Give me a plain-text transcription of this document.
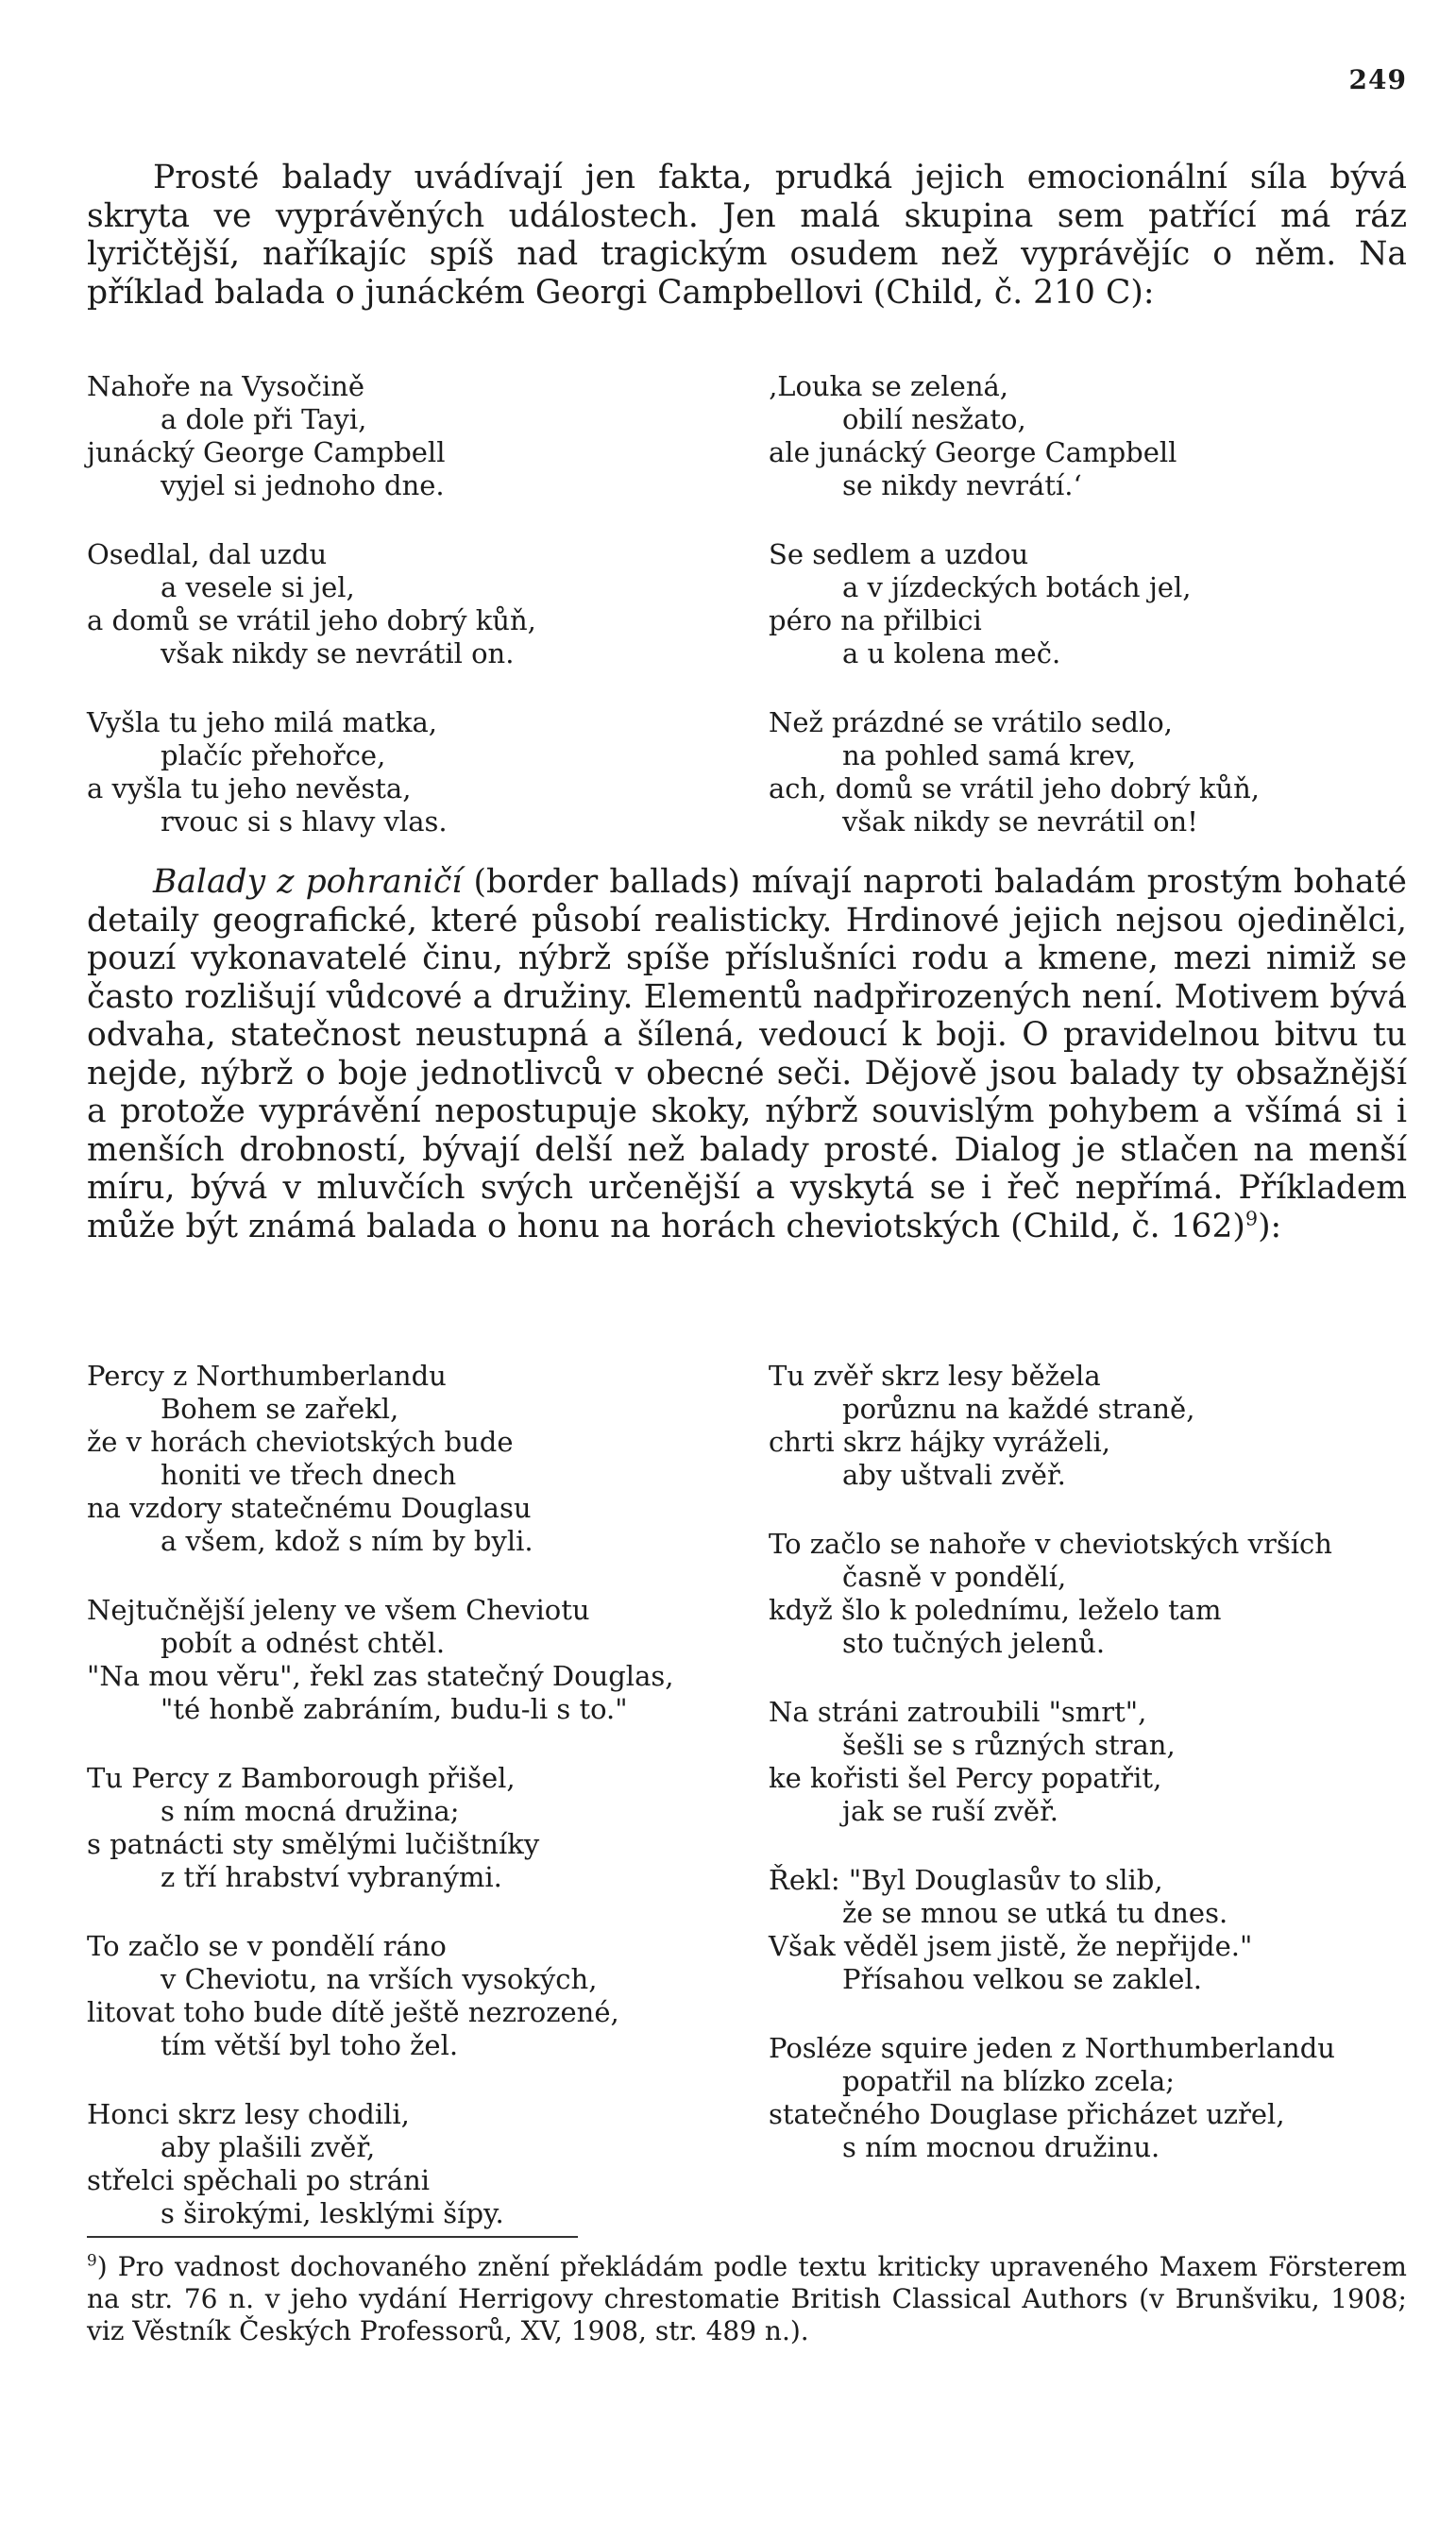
249

Prosté balady uvádívají jen fakta, prudká jejich emocionální síla bývá skryta ve vyprávěných událostech. Jen malá skupina sem patřící má ráz lyričtější, naříkajíc spíš nad tragickým osudem než vyprávějíc o něm. Na příklad balada o junáckém Georgi Campbellovi (Child, č. 210 C):

Nahoře na Vysočině
a dole při Tayi,
junácký George Campbell
vyjel si jednoho dne.
Osedlal, dal uzdu
a vesele si jel,
a domů se vrátil jeho dobrý kůň,
však nikdy se nevrátil on.
Vyšla tu jeho milá matka,
plačíc přehořce,
a vyšla tu jeho nevěsta,
rvouc si s hlavy vlas.
‚Louka se zelená,
obilí nesžato,
ale junácký George Campbell
se nikdy nevrátí.‘
Se sedlem a uzdou
a v jízdeckých botách jel,
péro na přilbici
a u kolena meč.
Než prázdné se vrátilo sedlo,
na pohled samá krev,
ach, domů se vrátil jeho dobrý kůň,
však nikdy se nevrátil on!

Balady z pohraničí (border ballads) mívají naproti baladám prostým bohaté detaily geografické, které působí realisticky. Hrdinové jejich nejsou ojedinělci, pouzí vykonavatelé činu, nýbrž spíše příslušníci rodu a kmene, mezi nimiž se často rozlišují vůdcové a družiny. Elementů nadpřirozených není. Motivem bývá odvaha, statečnost neustupná a šílená, vedoucí k boji. O pravidelnou bitvu tu nejde, nýbrž o boje jednotlivců v obecné seči. Dějově jsou balady ty obsažnější a protože vyprávění nepostupuje skoky, nýbrž souvislým pohybem a všímá si i menších drobností, bývají delší než balady prosté. Dialog je stlačen na menší míru, bývá v mluvčích svých určenější a vyskytá se i řeč nepřímá. Příkladem může být známá balada o honu na horách cheviotských (Child, č. 162)$^9$):

Percy z Northumberlandu
Bohem se zařekl,
že v horách cheviotských bude
honiti ve třech dnech
na vzdory statečnému Douglasu
a všem, kdož s ním by byli.
Nejtučnější jeleny ve všem Cheviotu
pobít a odnést chtěl.
"Na mou věru", řekl zas statečný Douglas,
"té honbě zabráním, budu-li s to."
Tu Percy z Bamborough přišel,
s ním mocná družina;
s patnácti sty smělými lučištníky
z tří hrabství vybranými.
To začlo se v pondělí ráno
v Cheviotu, na vrších vysokých,
litovat toho bude dítě ještě nezrozené,
tím větší byl toho žel.
Honci skrz lesy chodili,
aby plašili zvěř,
střelci spěchali po stráni
s širokými, lesklými šípy.
Tu zvěř skrz lesy běžela
porůznu na každé straně,
chrti skrz hájky vyráželi,
aby uštvali zvěř.
To začlo se nahoře v cheviotských vrších
časně v pondělí,
když šlo k polednímu, leželo tam
sto tučných jelenů.
Na stráni zatroubili "smrt",
šešli se s různých stran,
ke kořisti šel Percy popatřit,
jak se ruší zvěř.
Řekl: "Byl Douglasův to slib,
že se mnou se utká tu dnes.
Však věděl jsem jistě, že nepřijde."
Přísahou velkou se zaklel.
Posléze squire jeden z Northumberlandu
popatřil na blízko zcela;
statečného Douglase přicházet uzřel,
s ním mocnou družinu.
$^9$) Pro vadnost dochovaného znění překládám podle textu kriticky upraveného Maxem Försterem na str. 76 n. v jeho vydání Herrigovy chrestomatie British Classical Authors (v Brunšviku, 1908; viz Věstník Českých Professorů, XV, 1908, str. 489 n.).
